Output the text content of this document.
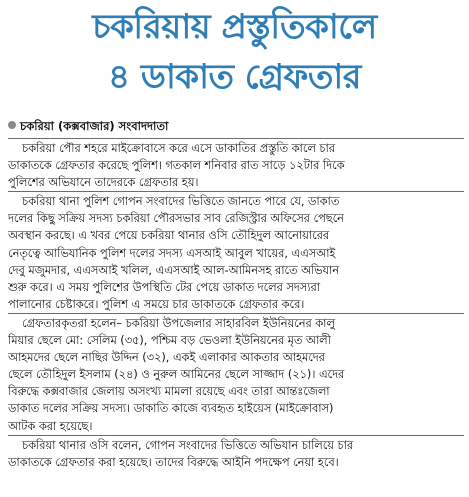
চকরিয়ায় প্রস্তুতিকালে
৪ ডাকাত গ্রেফতার
চকরিয়া (কক্সবাজার) সংবাদদাতা
চকরিয়া পৌর শহরে মাইক্রোবাসে করে এসে ডাকাতির প্রস্তুতি কালে চার
ডাকাতকে গ্রেফতার করেছে পুলিশ। গতকাল শনিবার রাত সাড়ে ১২টার দিকে
পুলিশের অভিযানে তাদেরকে গ্রেফতার হয়।
চকরিয়া থানা পুলিশ গোপন সংবাদের ভিত্তিতে জানতে পারে যে, ডাকাত
দলের কিছু সক্রিয় সদস্য চকরিয়া পৌরসভার সাব রেজিস্ট্রার অফিসের পেছনে
অবস্থান করছে। এ খবর পেয়ে চকরিয়া থানার ওসি তৌহিদুল আনোয়ারের
নেতৃত্বে আভিযানিক পুলিশ দলের সদস্য এসআই আবুল খায়ের, এএসআই
দেবু মজুমদার, এএসআই খলিল, এএসআই আল-আমিনসহ রাতে অভিযান
শুরু করে। এ সময় পুলিশের উপস্থিতি টের পেয়ে ডাকাত দলের সদস্যরা
পালানোর চেষ্টাকরে। পুলিশ এ সময়ে চার ডাকাতকে গ্রেফতার করে।
গ্রেফতারকৃতরা হলেন– চকরিয়া উপজেলার সাহারবিল ইউনিয়নের কালু
মিয়ার ছেলে মো: সেলিম (৩৫), পশ্চিম বড় ভেওলা ইউনিয়নের মৃত আলী
আহমদের ছেলে নাছির উদ্দিন (৩২), একই এলাকার আকতার আহমদের
ছেলে তৌহিদুল ইসলাম (২৪) ও নুরুল আমিনের ছেলে সাজ্জাদ (২১)। এদের
বিরুদ্ধে কক্সবাজার জেলায় অসংখ্য মামলা রয়েছে এবং তারা আন্তঃজেলা
ডাকাত দলের সক্রিয় সদস্য। ডাকাতি কাজে ব্যবহৃত হাইয়েস (মাইক্রোবাস)
আটক করা হয়েছে।
চকরিয়া থানার ওসি বলেন, গোপন সংবাদের ভিত্তিতে অভিযান চালিয়ে চার
ডাকাতকে গ্রেফতার করা হয়েছে। তাদের বিরুদ্ধে আইনি পদক্ষেপ নেয়া হবে।
